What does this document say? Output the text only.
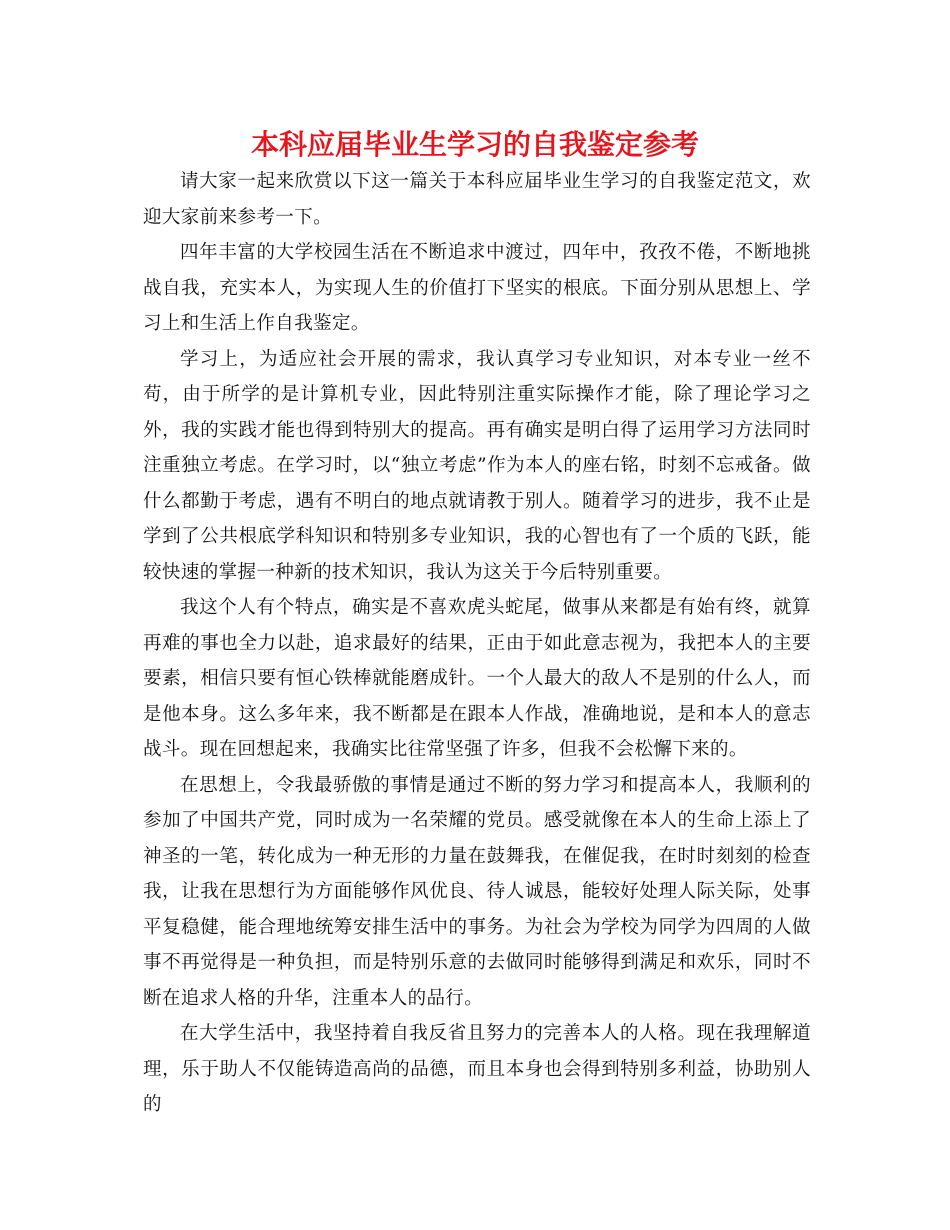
本科应届毕业生学习的自我鉴定参考

请大家一起来欣赏以下这一篇关于本科应届毕业生学习的自我鉴定范文，欢迎大家前来参考一下。

四年丰富的大学校园生活在不断追求中渡过，四年中，孜孜不倦，不断地挑战自我，充实本人，为实现人生的价值打下坚实的根底。下面分别从思想上、学习上和生活上作自我鉴定。

学习上，为适应社会开展的需求，我认真学习专业知识，对本专业一丝不苟，由于所学的是计算机专业，因此特别注重实际操作才能，除了理论学习之外，我的实践才能也得到特别大的提高。再有确实是明白得了运用学习方法同时注重独立考虑。在学习时，以“独立考虑”作为本人的座右铭，时刻不忘戒备。做什么都勤于考虑，遇有不明白的地点就请教于别人。随着学习的进步，我不止是学到了公共根底学科知识和特别多专业知识，我的心智也有了一个质的飞跃，能较快速的掌握一种新的技术知识，我认为这关于今后特别重要。

我这个人有个特点，确实是不喜欢虎头蛇尾，做事从来都是有始有终，就算再难的事也全力以赴，追求最好的结果，正由于如此意志视为，我把本人的主要要素，相信只要有恒心铁棒就能磨成针。一个人最大的敌人不是别的什么人，而是他本身。这么多年来，我不断都是在跟本人作战，准确地说，是和本人的意志战斗。现在回想起来，我确实比往常坚强了许多，但我不会松懈下来的。

在思想上，令我最骄傲的事情是通过不断的努力学习和提高本人，我顺利的参加了中国共产党，同时成为一名荣耀的党员。感受就像在本人的生命上添上了神圣的一笔，转化成为一种无形的力量在鼓舞我，在催促我，在时时刻刻的检查我，让我在思想行为方面能够作风优良、待人诚恳，能较好处理人际关际，处事平复稳健，能合理地统筹安排生活中的事务。为社会为学校为同学为四周的人做事不再觉得是一种负担，而是特别乐意的去做同时能够得到满足和欢乐，同时不断在追求人格的升华，注重本人的品行。

在大学生活中，我坚持着自我反省且努力的完善本人的人格。现在我理解道理，乐于助人不仅能铸造高尚的品德，而且本身也会得到特别多利益，协助别人的
